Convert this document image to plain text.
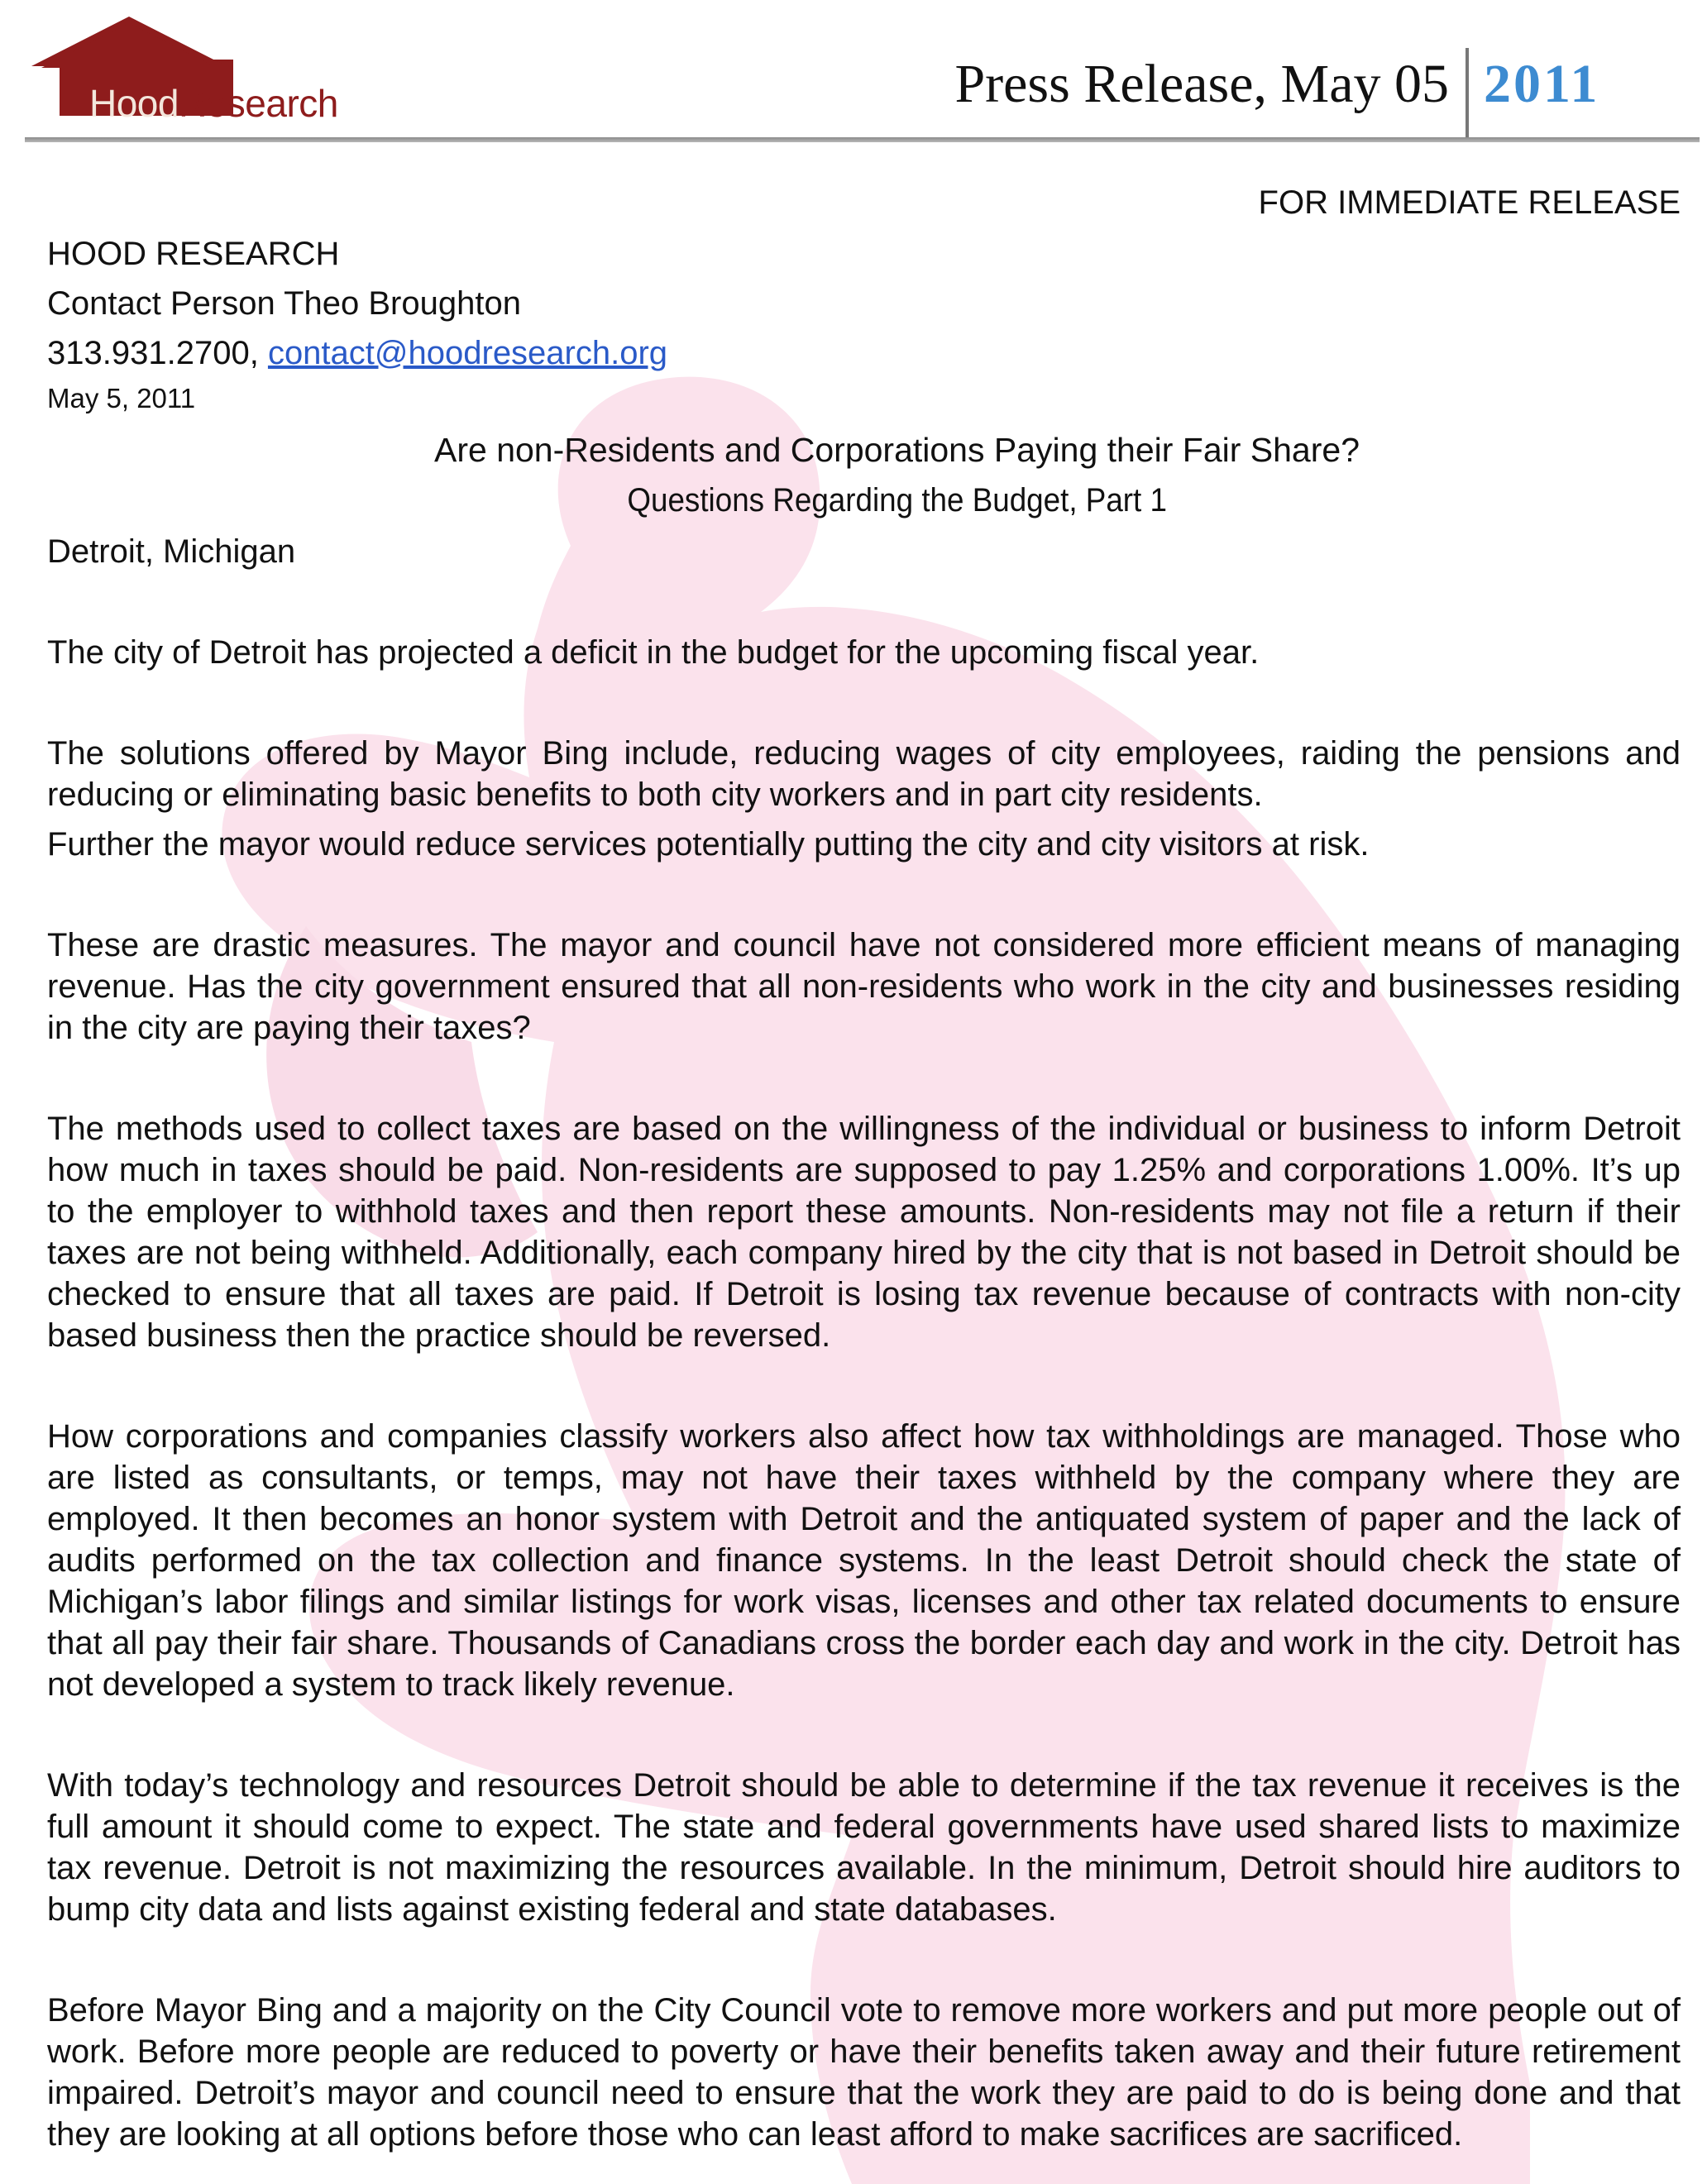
HoodResearch	Press Release, May 05 2011
FOR IMMEDIATE RELEASE
HOOD RESEARCH
Contact Person Theo Broughton
313.931.2700, contact@hoodresearch.org
May 5, 2011
Are non-Residents and Corporations Paying their Fair Share?
Questions Regarding the Budget, Part 1
Detroit, Michigan

The city of Detroit has projected a deficit in the budget for the upcoming fiscal year.

The solutions offered by Mayor Bing include, reducing wages of city employees, raiding the pensions and reducing or eliminating basic benefits to both city workers and in part city residents.

Further the mayor would reduce services potentially putting the city and city visitors at risk.

These are drastic measures. The mayor and council have not considered more efficient means of managing revenue. Has the city government ensured that all non-residents who work in the city and businesses residing in the city are paying their taxes?

The methods used to collect taxes are based on the willingness of the individual or business to inform Detroit how much in taxes should be paid. Non-residents are supposed to pay 1.25% and corporations 1.00%. It’s up to the employer to withhold taxes and then report these amounts. Non-residents may not file a return if their taxes are not being withheld. Additionally, each company hired by the city that is not based in Detroit should be checked to ensure that all taxes are paid. If Detroit is losing tax revenue because of contracts with non-city based business then the practice should be reversed.

How corporations and companies classify workers also affect how tax withholdings are managed. Those who are listed as consultants, or temps, may not have their taxes withheld by the company where they are employed. It then becomes an honor system with Detroit and the antiquated system of paper and the lack of audits performed on the tax collection and finance systems. In the least Detroit should check the state of Michigan’s labor filings and similar listings for work visas, licenses and other tax related documents to ensure that all pay their fair share. Thousands of Canadians cross the border each day and work in the city. Detroit has not developed a system to track likely revenue.

With today’s technology and resources Detroit should be able to determine if the tax revenue it receives is the full amount it should come to expect. The state and federal governments have used shared lists to maximize tax revenue. Detroit is not maximizing the resources available. In the minimum, Detroit should hire auditors to bump city data and lists against existing federal and state databases.

Before Mayor Bing and a majority on the City Council vote to remove more workers and put more people out of work. Before more people are reduced to poverty or have their benefits taken away and their future retirement impaired. Detroit’s mayor and council need to ensure that the work they are paid to do is being done and that they are looking at all options before those who can least afford to make sacrifices are sacrificed.
